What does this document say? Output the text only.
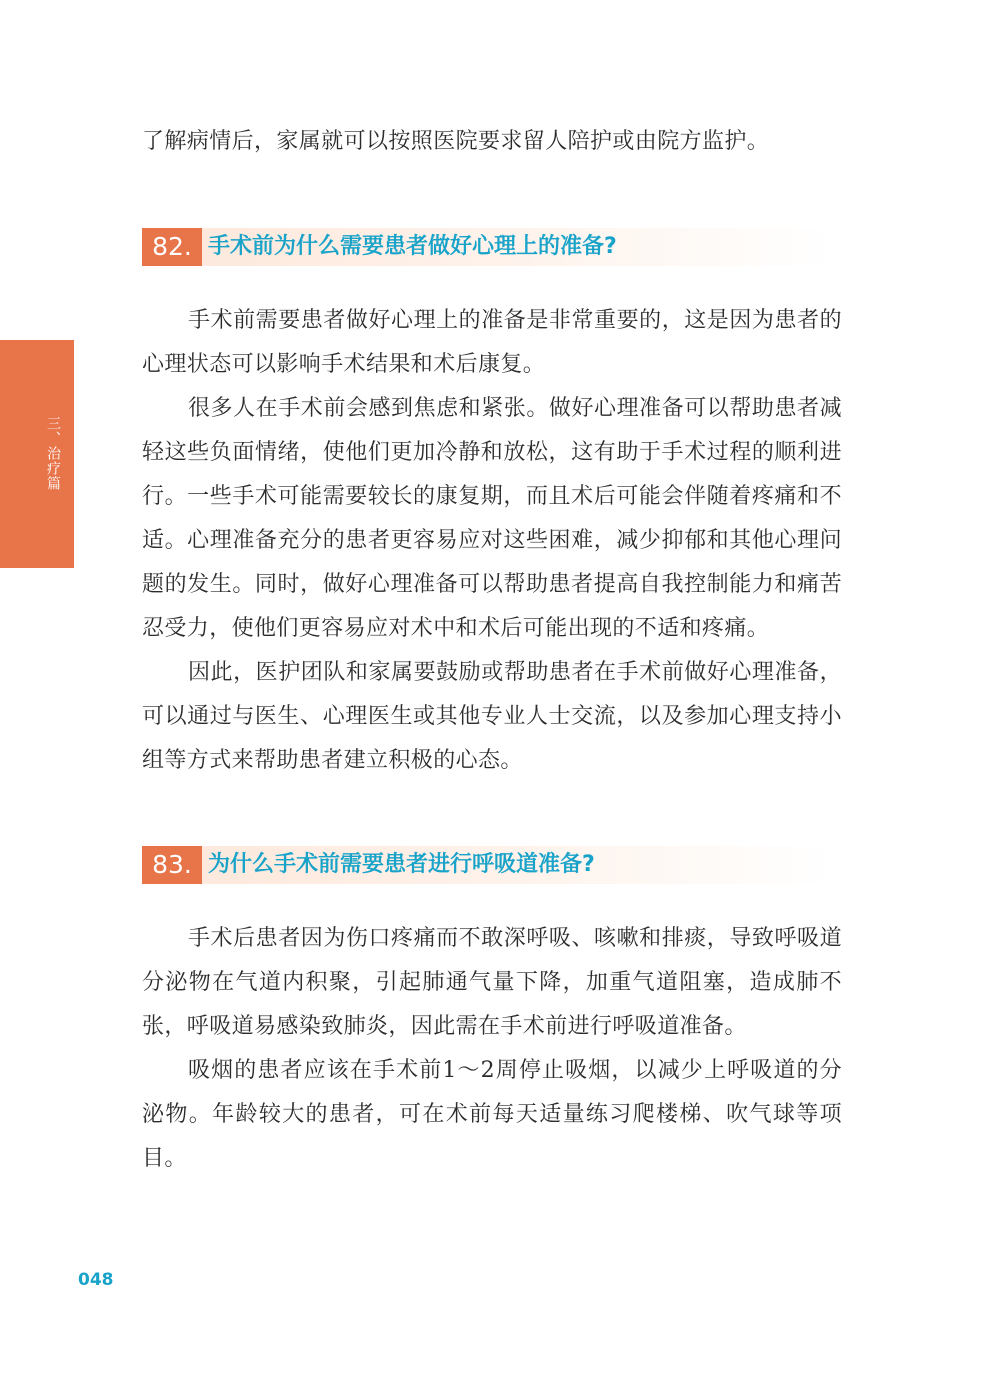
三、治疗篇

了解病情后，家属就可以按照医院要求留人陪护或由院方监护。

82. 手术前为什么需要患者做好心理上的准备?

手术前需要患者做好心理上的准备是非常重要的，这是因为患者的心理状态可以影响手术结果和术后康复。

很多人在手术前会感到焦虑和紧张。做好心理准备可以帮助患者减轻这些负面情绪，使他们更加冷静和放松，这有助于手术过程的顺利进行。一些手术可能需要较长的康复期，而且术后可能会伴随着疼痛和不适。心理准备充分的患者更容易应对这些困难，减少抑郁和其他心理问题的发生。同时，做好心理准备可以帮助患者提高自我控制能力和痛苦忍受力，使他们更容易应对术中和术后可能出现的不适和疼痛。

因此，医护团队和家属要鼓励或帮助患者在手术前做好心理准备，可以通过与医生、心理医生或其他专业人士交流，以及参加心理支持小组等方式来帮助患者建立积极的心态。

83. 为什么手术前需要患者进行呼吸道准备?

手术后患者因为伤口疼痛而不敢深呼吸、咳嗽和排痰，导致呼吸道分泌物在气道内积聚，引起肺通气量下降，加重气道阻塞，造成肺不张，呼吸道易感染致肺炎，因此需在手术前进行呼吸道准备。

吸烟的患者应该在手术前1～2周停止吸烟，以减少上呼吸道的分泌物。年龄较大的患者，可在术前每天适量练习爬楼梯、吹气球等项目。

048
